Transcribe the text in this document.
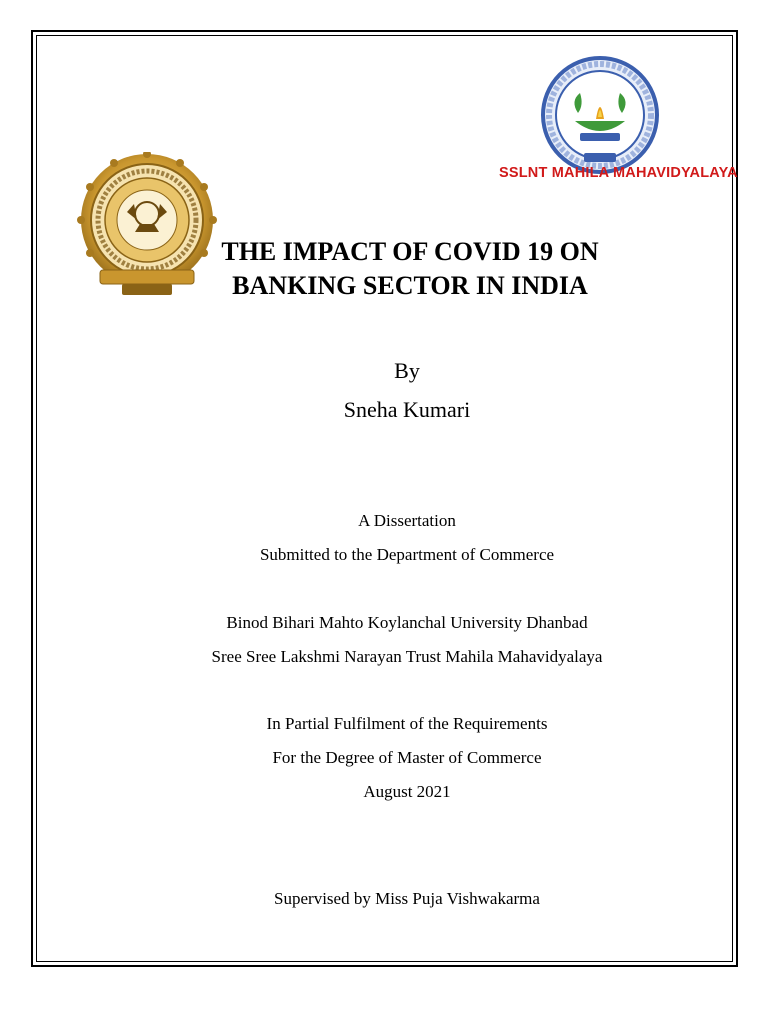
SSLNT MAHILA MAHAVIDYALAYA
THE IMPACT OF COVID 19 ON
BANKING SECTOR IN INDIA
By
Sneha Kumari
A Dissertation
Submitted to the Department of Commerce
Binod Bihari Mahto Koylanchal University Dhanbad
Sree Sree Lakshmi Narayan Trust Mahila Mahavidyalaya
In Partial Fulfilment of the Requirements
For the Degree of Master of Commerce
August 2021
Supervised by Miss Puja Vishwakarma
